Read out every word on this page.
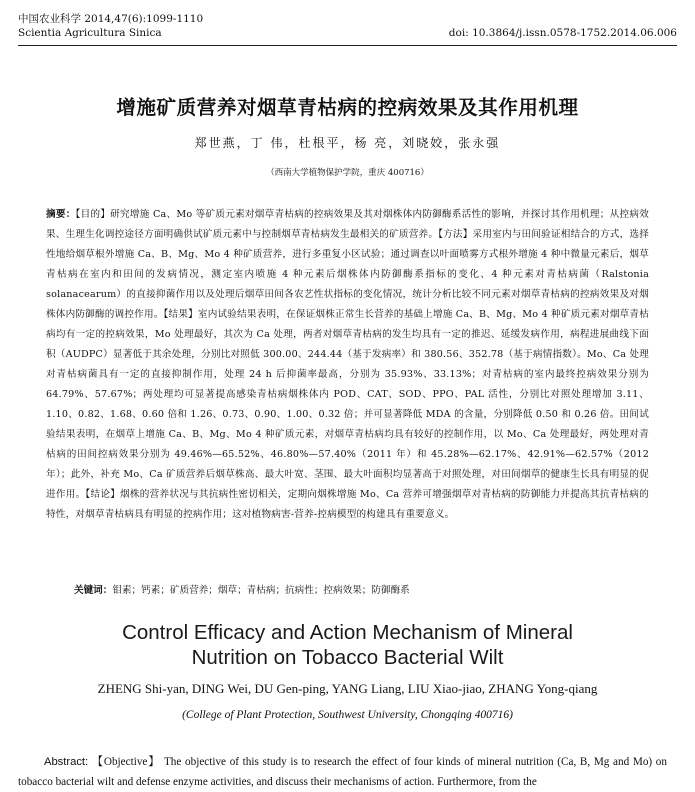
中国农业科学 2014,47(6):1099-1110
Scientia Agricultura Sinica	doi: 10.3864/j.issn.0578-1752.2014.06.006
增施矿质营养对烟草青枯病的控病效果及其作用机理
郑世燕，丁 伟，杜根平，杨 亮，刘晓姣，张永强
（西南大学植物保护学院，重庆 400716）
摘要：【目的】研究增施 Ca、Mo 等矿质元素对烟草青枯病的控病效果及其对烟株体内防御酶系活性的影响，并探讨其作用机理；从控病效果、生理生化调控途径方面明确供试矿质元素中与控制烟草青枯病发生最相关的矿质营养。【方法】采用室内与田间验证相结合的方式，选择性地给烟草根外增施 Ca、B、Mg、Mo 4 种矿质营养，进行多重复小区试验；通过调查以叶面喷雾方式根外增施 4 种中微量元素后，烟草青枯病在室内和田间的发病情况，测定室内喷施 4 种元素后烟株体内防御酶系指标的变化、4 种元素对青枯病菌（Ralstonia solanacearum）的直接抑菌作用以及处理后烟草田间各农艺性状指标的变化情况，统计分析比较不同元素对烟草青枯病的控病效果及对烟株体内防御酶的调控作用。【结果】室内试验结果表明，在保证烟株正常生长营养的基础上增施 Ca、B、Mg、Mo 4 种矿质元素对烟草青枯病均有一定的控病效果，Mo 处理最好，其次为 Ca 处理，两者对烟草青枯病的发生均具有一定的推迟、延缓发病作用，病程进展曲线下面积（AUDPC）显著低于其余处理，分别比对照低 300.00、244.44（基于发病率）和 380.56、352.78（基于病情指数）。Mo、Ca 处理对青枯病菌具有一定的直接抑制作用，处理 24 h 后抑菌率最高，分别为 35.93%、33.13%；对青枯病的室内最终控病效果分别为 64.79%、57.67%；两处理均可显著提高感染青枯病烟株体内 POD、CAT、SOD、PPO、PAL 活性，分别比对照处理增加 3.11、1.10、0.82、1.68、0.60 倍和 1.26、0.73、0.90、1.00、0.32 倍；并可显著降低 MDA 的含量，分别降低 0.50 和 0.26 倍。田间试验结果表明，在烟草上增施 Ca、B、Mg、Mo 4 种矿质元素，对烟草青枯病均具有较好的控制作用，以 Mo、Ca 处理最好，两处理对青枯病的田间控病效果分别为 49.46%—65.52%、46.80%—57.40%（2011 年）和 45.28%—62.17%、42.91%—62.57%（2012 年）；此外，补充 Mo、Ca 矿质营养后烟草株高、最大叶宽、茎围、最大叶面积均显著高于对照处理，对田间烟草的健康生长具有明显的促进作用。【结论】烟株的营养状况与其抗病性密切相关，定期向烟株增施 Mo、Ca 营养可增强烟草对青枯病的防御能力并提高其抗青枯病的特性，对烟草青枯病具有明显的控病作用；这对植物病害-营养-控病模型的构建具有重要意义。
关键词：钼素；钙素；矿质营养；烟草；青枯病；抗病性；控病效果；防御酶系
Control Efficacy and Action Mechanism of Mineral
Nutrition on Tobacco Bacterial Wilt
ZHENG Shi-yan, DING Wei, DU Gen-ping, YANG Liang, LIU Xiao-jiao, ZHANG Yong-qiang
(College of Plant Protection, Southwest University, Chongqing 400716)
Abstract: 【Objective】 The objective of this study is to research the effect of four kinds of mineral nutrition (Ca, B, Mg and Mo) on tobacco bacterial wilt and defense enzyme activities, and discuss their mechanisms of action. Furthermore, from the
